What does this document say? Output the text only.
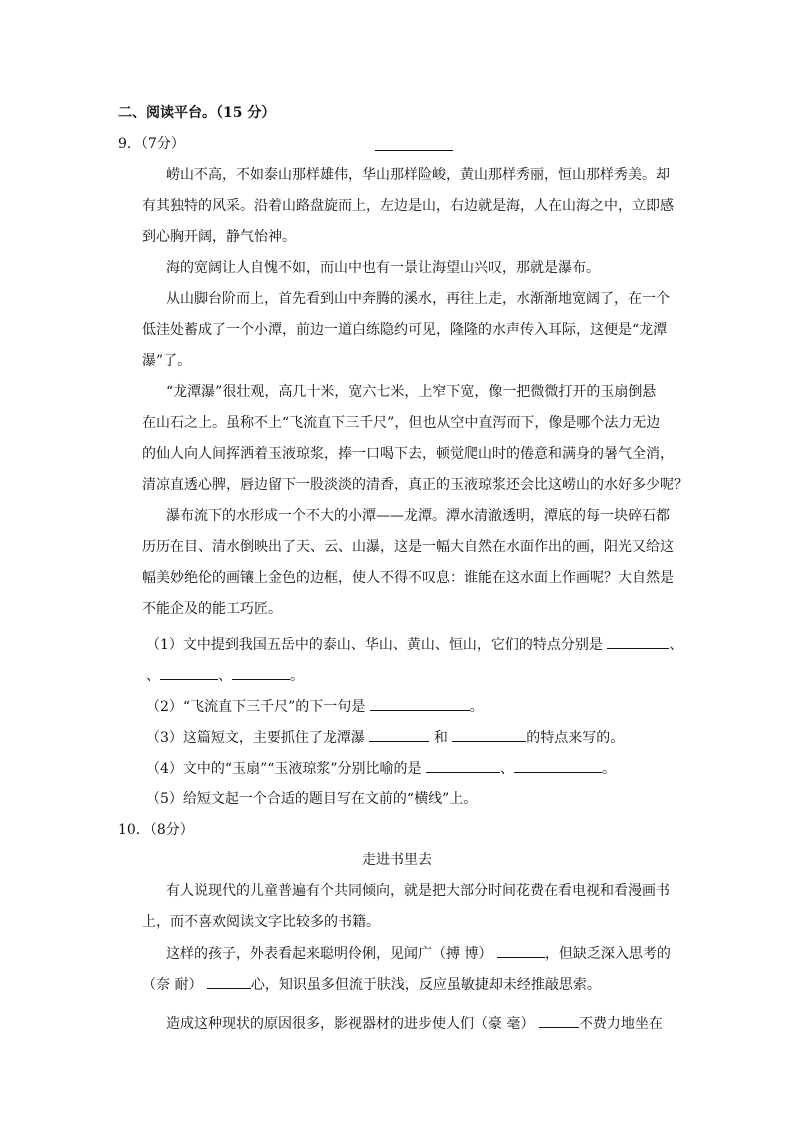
二、阅读平台。（15 分）
9．（7分）
崂山不高，不如泰山那样雄伟，华山那样险峻，黄山那样秀丽，恒山那样秀美。却
有其独特的风采。沿着山路盘旋而上，左边是山，右边就是海，人在山海之中，立即感
到心胸开阔，静气怡神。
海的宽阔让人自愧不如，而山中也有一景让海望山兴叹，那就是瀑布。
从山脚台阶而上，首先看到山中奔腾的溪水，再往上走，水渐渐地宽阔了，在一个
低洼处蓄成了一个小潭，前边一道白练隐约可见，隆隆的水声传入耳际，这便是“龙潭
瀑”了。
“龙潭瀑”很壮观，高几十米，宽六七米，上窄下宽，像一把微微打开的玉扇倒悬
在山石之上。虽称不上“飞流直下三千尺”，但也从空中直泻而下，像是哪个法力无边
的仙人向人间挥洒着玉液琼浆，捧一口喝下去，顿觉爬山时的倦意和满身的暑气全消，
清凉直透心脾，唇边留下一股淡淡的清香，真正的玉液琼浆还会比这崂山的水好多少呢？
瀑布流下的水形成一个不大的小潭——龙潭。潭水清澈透明，潭底的每一块碎石都
历历在目、清水倒映出了天、云、山瀑，这是一幅大自然在水面作出的画，阳光又给这
幅美妙绝伦的画镶上金色的边框，使人不得不叹息：谁能在这水面上作画呢？大自然是
不能企及的能工巧匠。
（1）文中提到我国五岳中的泰山、华山、黄山、恒山，它们的特点分别是	、
、	、	。
（2）“飞流直下三千尺”的下一句是	。
（3）这篇短文，主要抓住了龙潭瀑	和	的特点来写的。
（4）文中的“玉扇”“玉液琼浆”分别比喻的是	、	。
（5）给短文起一个合适的题目写在文前的“横线”上。
10．（8分）
走进书里去
有人说现代的儿童普遍有个共同倾向，就是把大部分时间花费在看电视和看漫画书
上，而不喜欢阅读文字比较多的书籍。
这样的孩子，外表看起来聪明伶俐，见闻广（搏 博）	，但缺乏深入思考的
（奈 耐）	心，知识虽多但流于肤浅，反应虽敏捷却未经推敲思索。
造成这种现状的原因很多，影视器材的进步使人们（豪 毫）	不费力地坐在
